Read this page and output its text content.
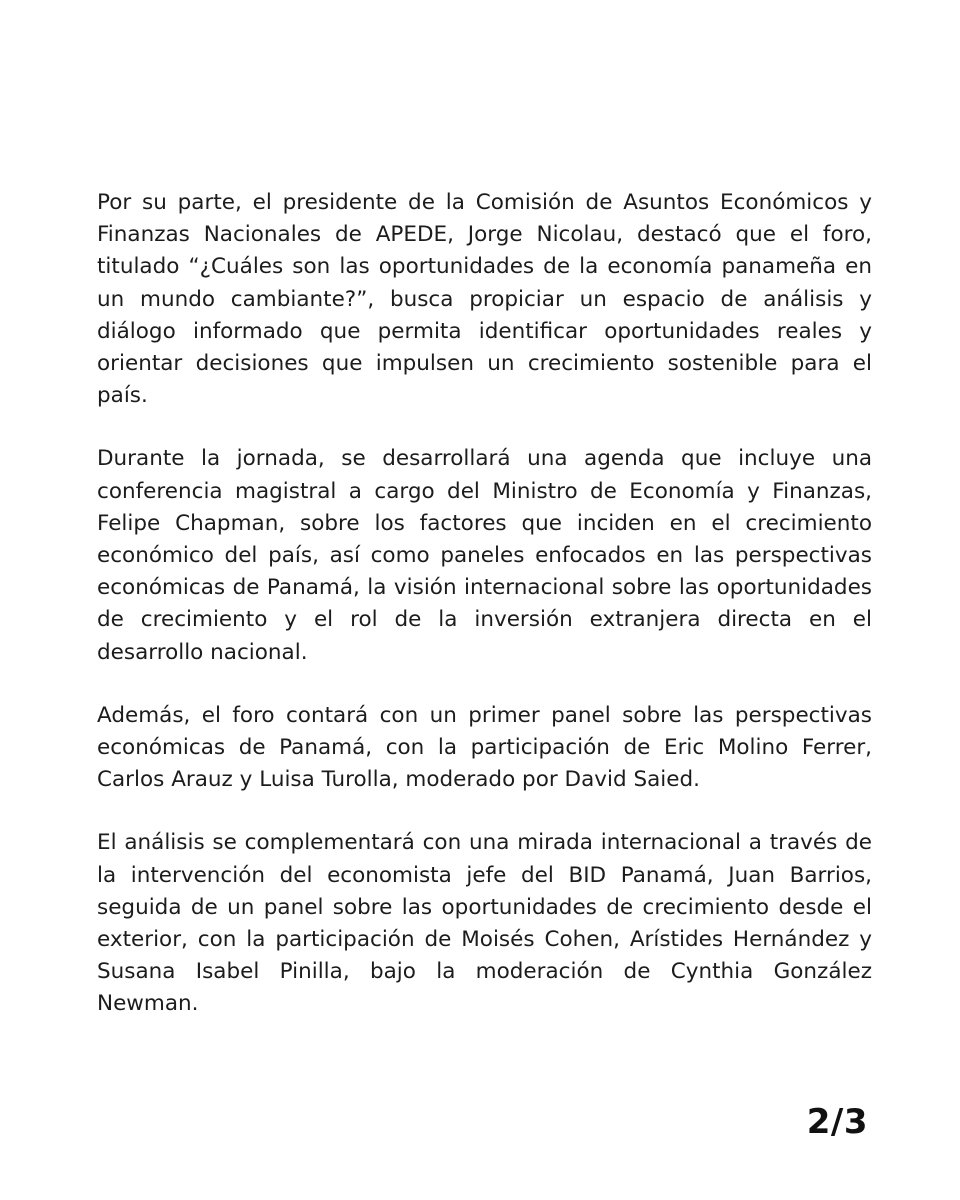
Por su parte, el presidente de la Comisión de Asuntos Económicos y Finanzas Nacionales de APEDE, Jorge Nicolau, destacó que el foro, titulado “¿Cuáles son las oportunidades de la economía panameña en un mundo cambiante?”, busca propiciar un espacio de análisis y diálogo informado que permita identificar oportunidades reales y orientar decisiones que impulsen un crecimiento sostenible para el país.

Durante la jornada, se desarrollará una agenda que incluye una conferencia magistral a cargo del Ministro de Economía y Finanzas, Felipe Chapman, sobre los factores que inciden en el crecimiento económico del país, así como paneles enfocados en las perspectivas económicas de Panamá, la visión internacional sobre las oportunidades de crecimiento y el rol de la inversión extranjera directa en el desarrollo nacional.

Además, el foro contará con un primer panel sobre las perspectivas económicas de Panamá, con la participación de Eric Molino Ferrer, Carlos Arauz y Luisa Turolla, moderado por David Saied.

El análisis se complementará con una mirada internacional a través de la intervención del economista jefe del BID Panamá, Juan Barrios, seguida de un panel sobre las oportunidades de crecimiento desde el exterior, con la participación de Moisés Cohen, Arístides Hernández y Susana Isabel Pinilla, bajo la moderación de Cynthia González Newman.

2/3
